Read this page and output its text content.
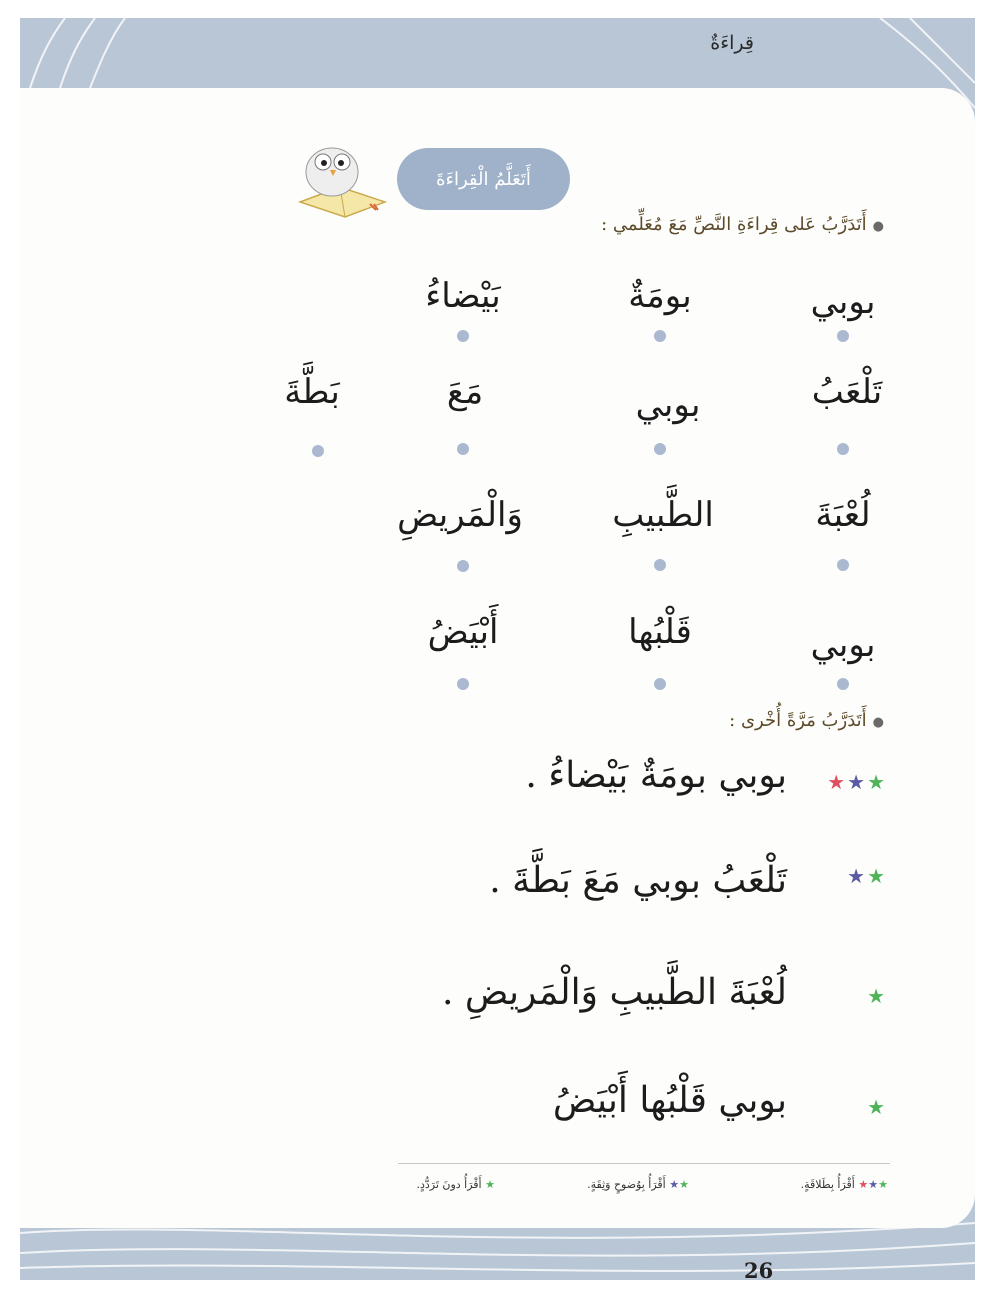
قِراءَةٌ
أَتَعَلَّمُ الْقِراءَةَ
●أَتَدَرَّبُ عَلى قِراءَةِ النَّصِّ مَعَ مُعَلِّمي :
بوبي
بومَةٌ
بَيْضاءُ
تَلْعَبُ
بوبي
مَعَ
بَطَّةَ
لُعْبَةَ
الطَّبيبِ
وَالْمَريضِ
بوبي
قَلْبُها
أَبْيَضُ
●أَتَدَرَّبُ مَرَّةً أُخْرى :
★★★
بوبي بومَةٌ بَيْضاءُ .
★★
تَلْعَبُ بوبي مَعَ بَطَّةَ .
★
لُعْبَةَ الطَّبيبِ وَالْمَريضِ .
★
بوبي قَلْبُها أَبْيَضُ
★★★ أَقْرَأُ بِطَلاقَةٍ.
★★ أَقْرَأُ بِوُضوحٍ وَثِقَةٍ.
★ أَقْرَأُ دونَ تَرَدُّدٍ.
26
